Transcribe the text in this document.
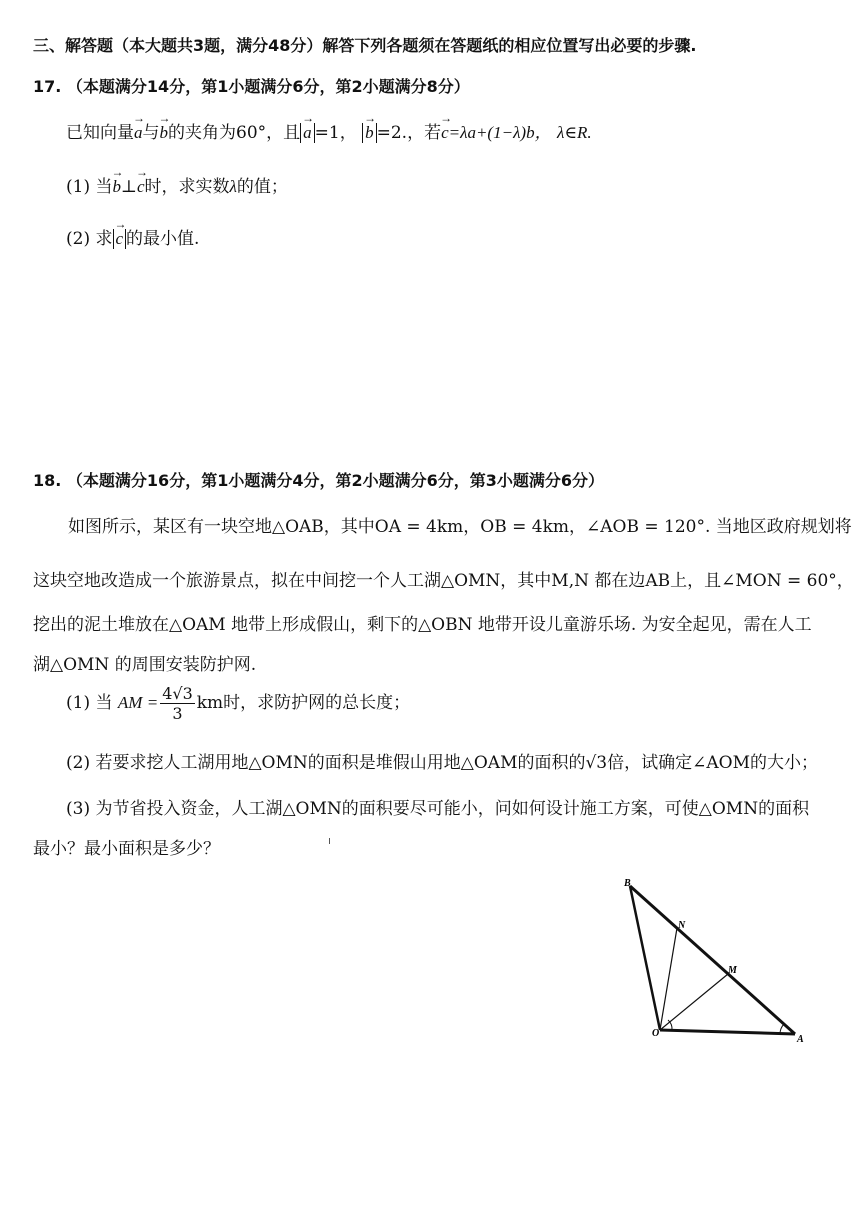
三、解答题（本大题共3题，满分48分）解答下列各题须在答题纸的相应位置写出必要的步骤.
17. （本题满分14分，第1小题满分6分，第2小题满分8分）
已知向量→ a与→ b的夹角为60°，且 → a =1， → b =2.，若→ c=λa+(1−λ)b， λ∈R.
(1) 当→ b⊥→ c时，求实数λ的值；
(2) 求 → c 的最小值.
18. （本题满分16分，第1小题满分4分，第2小题满分6分，第3小题满分6分）
如图所示，某区有一块空地△OAB，其中OA = 4km，OB = 4km，∠AOB = 120°. 当地区政府规划将
这块空地改造成一个旅游景点，拟在中间挖一个人工湖△OMN，其中M,N 都在边AB上，且∠MON = 60°，
挖出的泥土堆放在△OAM 地带上形成假山，剩下的△OBN 地带开设儿童游乐场. 为安全起见，需在人工
湖△OMN 的周围安装防护网.
(1) 当 AM = $\frac{4√3}{3}$ km时，求防护网的总长度；
(2) 若要求挖人工湖用地△OMN的面积是堆假山用地△OAM的面积的√3倍，试确定∠AOM的大小；
(3) 为节省投入资金，人工湖△OMN的面积要尽可能小，问如何设计施工方案，可使△OMN的面积
最小？最小面积是多少？
B
N
M
O
A
